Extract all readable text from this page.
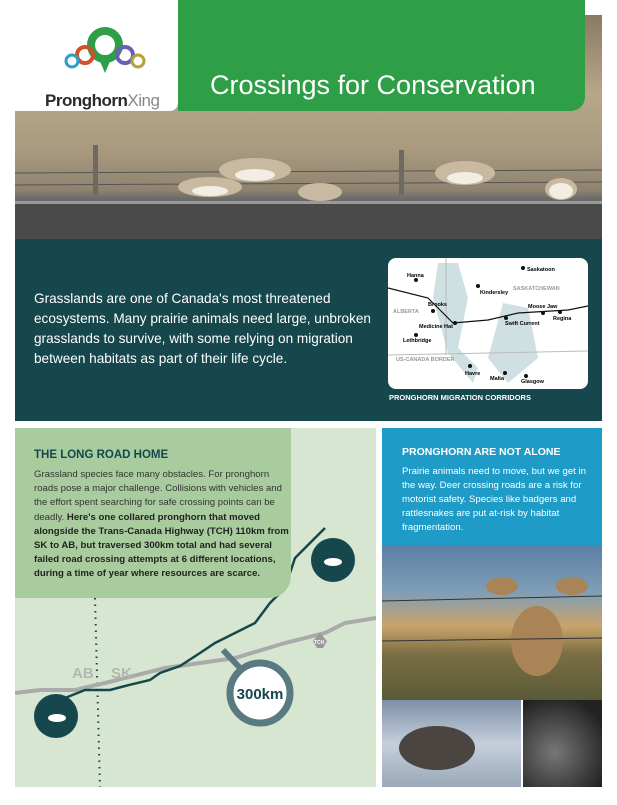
PronghornXing
Crossings for Conservation
Grasslands are one of Canada's most threatened ecosystems. Many prairie animals need large, unbroken grasslands to survive, with some relying on migration between habitats as part of their life cycle.
Hanna
Saskatoon
Kindersley
SASKATCHEWAN
ALBERTA
Brooks	Moose Jaw
Regina
Medicine Hat	Swift Current
Lethbridge
US-CANADA BORDER
Havre
Malta	Glasgow
PRONGHORN MIGRATION CORRIDORS
TCH
AB SK
300km
THE LONG ROAD HOME
Grassland species face many obstacles. For pronghorn roads pose a major challenge. Collisions with vehicles and the effort spent searching for safe crossing points can be deadly. Here's one collared pronghorn that moved alongside the Trans-Canada Highway (TCH) 110km from SK to AB, but traversed 300km total and had several failed road crossing attempts at 6 different locations, during a time of year where resources are scarce.
PRONGHORN ARE NOT ALONE
Prairie animals need to move, but we get in the way. Deer crossing roads are a risk for motorist safety. Species like badgers and rattlesnakes are put at-risk by habitat fragmentation.
